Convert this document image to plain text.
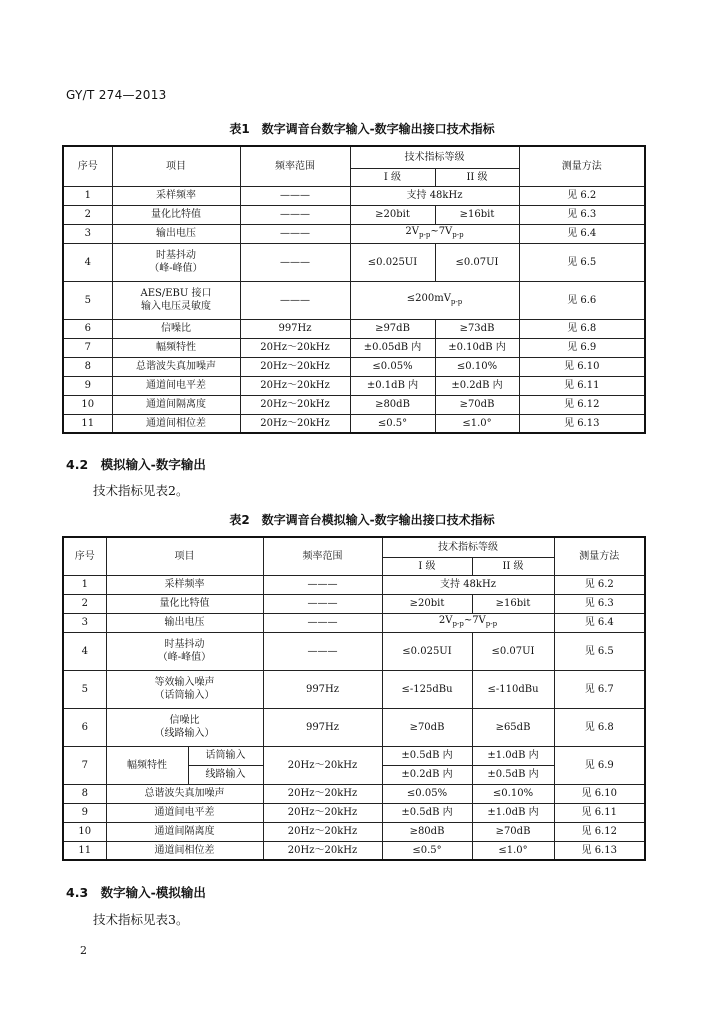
GY/T 274—2013
表1　数字调音台数字输入-数字输出接口技术指标
序号	项目	频率范围	技术指标等级		测量方法
			I 级	II 级	
1	采样频率	———	支持 48kHz		见 6.2
2	量化比特值	———	≥20bit	≥16bit	见 6.3
3	输出电压	———	$2V_{p-p}\sim 7V_{p-p}$		见 6.4
4	时基抖动
（峰-峰值）	———	≤0.025UI	≤0.07UI	见 6.5
5	AES/EBU 接口
输入电压灵敏度	———	$\le 200mV_{p-p}$		见 6.6
6	信噪比	997Hz	≥97dB	≥73dB	见 6.8
7	幅频特性	20Hz～20kHz	±0.05dB 内	±0.10dB 内	见 6.9
8	总谐波失真加噪声	20Hz～20kHz	≤0.05%	≤0.10%	见 6.10
9	通道间电平差	20Hz～20kHz	±0.1dB 内	±0.2dB 内	见 6.11
10	通道间隔离度	20Hz～20kHz	≥80dB	≥70dB	见 6.12
11	通道间相位差	20Hz～20kHz	≤0.5°	≤1.0°	见 6.13
4.2　模拟输入-数字输出
技术指标见表2。
表2　数字调音台模拟输入-数字输出接口技术指标
序号	项目		频率范围	技术指标等级		测量方法
				I 级	II 级	
1	采样频率		———	支持 48kHz		见 6.2
2	量化比特值		———	≥20bit	≥16bit	见 6.3
3	输出电压		———	$2V_{p-p}\sim 7V_{p-p}$		见 6.4
4	时基抖动
（峰-峰值）		———	≤0.025UI	≤0.07UI	见 6.5
5	等效输入噪声
（话筒输入）		997Hz	≤-125dBu	≤-110dBu	见 6.7
6	信噪比
（线路输入）		997Hz	≥70dB	≥65dB	见 6.8
7	幅频特性	话筒输入	20Hz～20kHz	±0.5dB 内	±1.0dB 内	见 6.9
		线路输入		±0.2dB 内	±0.5dB 内	
8	总谐波失真加噪声		20Hz～20kHz	≤0.05%	≤0.10%	见 6.10
9	通道间电平差		20Hz～20kHz	±0.5dB 内	±1.0dB 内	见 6.11
10	通道间隔离度		20Hz～20kHz	≥80dB	≥70dB	见 6.12
11	通道间相位差		20Hz～20kHz	≤0.5°	≤1.0°	见 6.13
4.3　数字输入-模拟输出
技术指标见表3。
2
